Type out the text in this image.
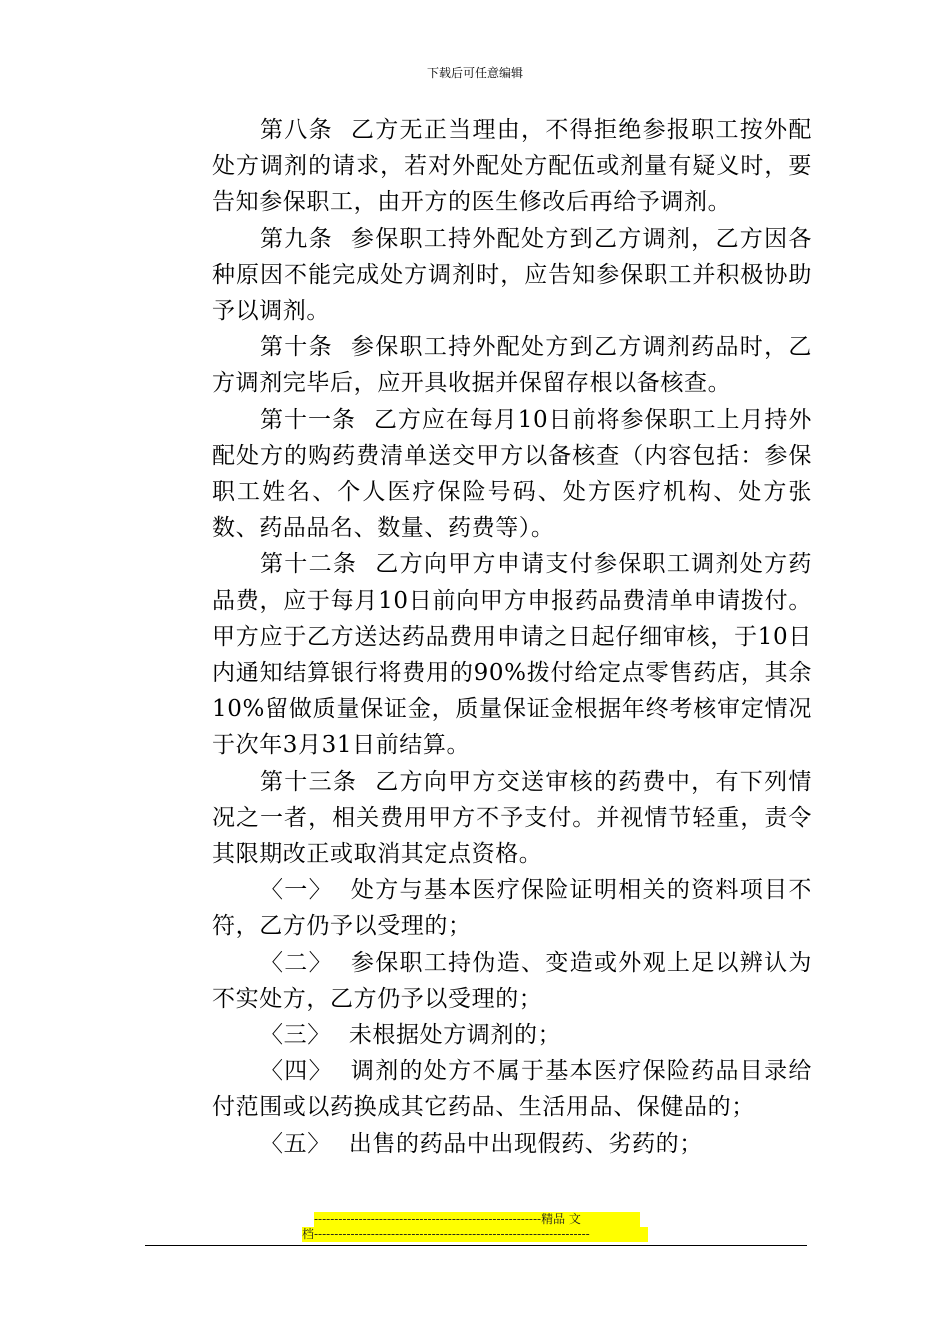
下载后可任意编辑

第八条 乙方无正当理由，不得拒绝参报职工按外配处方调剂的请求，若对外配处方配伍或剂量有疑义时，要告知参保职工，由开方的医生修改后再给予调剂。

第九条 参保职工持外配处方到乙方调剂，乙方因各种原因不能完成处方调剂时，应告知参保职工并积极协助予以调剂。

第十条 参保职工持外配处方到乙方调剂药品时，乙方调剂完毕后，应开具收据并保留存根以备核查。

第十一条 乙方应在每月10日前将参保职工上月持外配处方的购药费清单送交甲方以备核查（内容包括：参保职工姓名、个人医疗保险号码、处方医疗机构、处方张数、药品品名、数量、药费等）。

第十二条 乙方向甲方申请支付参保职工调剂处方药品费，应于每月10日前向甲方申报药品费清单申请拨付。甲方应于乙方送达药品费用申请之日起仔细审核，于10日内通知结算银行将费用的90%拨付给定点零售药店，其余10%留做质量保证金，质量保证金根据年终考核审定情况于次年3月31日前结算。

第十三条 乙方向甲方交送审核的药费中，有下列情况之一者，相关费用甲方不予支付。并视情节轻重，责令其限期改正或取消其定点资格。

〈一〉 处方与基本医疗保险证明相关的资料项目不符，乙方仍予以受理的；

〈二〉 参保职工持伪造、变造或外观上足以辨认为不实处方，乙方仍予以受理的；

〈三〉 未根据处方调剂的；

〈四〉 调剂的处方不属于基本医疗保险药品目录给付范围或以药换成其它药品、生活用品、保健品的；

〈五〉 出售的药品中出现假药、劣药的；

--------------------------------------------------------精品 文
档--------------------------------------------------------------------
